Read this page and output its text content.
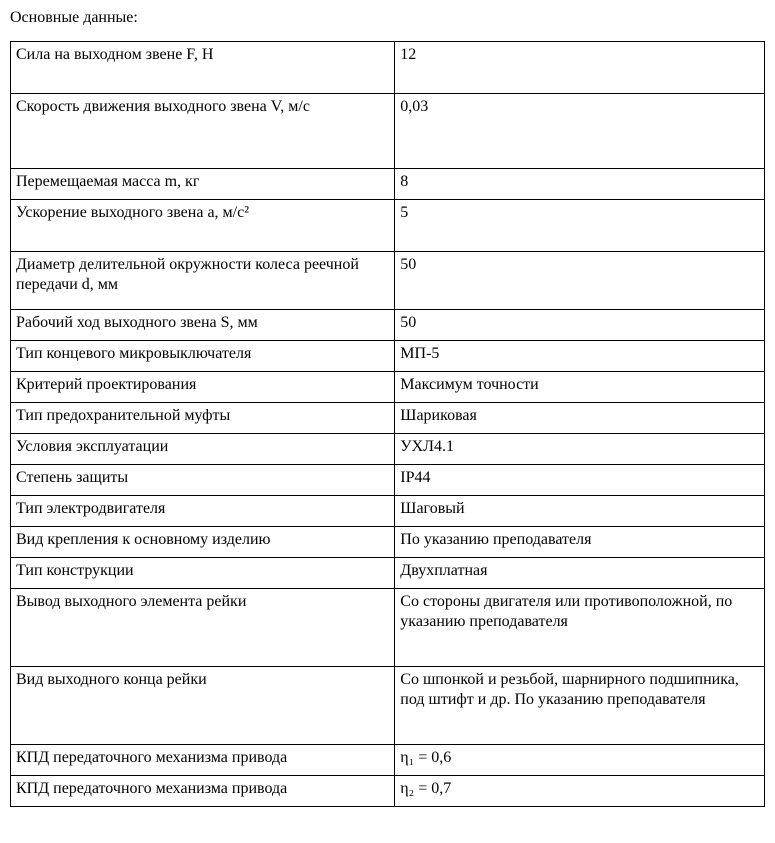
Основные данные:

Сила на выходном звене F, Н	12
Скорость движения выходного звена V, м/с	0,03
Перемещаемая масса m, кг	8
Ускорение выходного звена a, м/с²	5
Диаметр делительной окружности колеса реечной передачи d, мм	50
Рабочий ход выходного звена S, мм	50
Тип концевого микровыключателя	МП-5
Критерий проектирования	Максимум точности
Тип предохранительной муфты	Шариковая
Условия эксплуатации	УХЛ4.1
Степень защиты	IP44
Тип электродвигателя	Шаговый
Вид крепления к основному изделию	По указанию преподавателя
Тип конструкции	Двухплатная
Вывод выходного элемента рейки	Со стороны двигателя или противоположной, по указанию преподавателя
Вид выходного конца рейки	Со шпонкой и резьбой, шарнирного подшипника, под штифт и др. По указанию преподавателя
КПД передаточного механизма привода	η₁ = 0,6
КПД передаточного механизма привода	η₂ = 0,7
